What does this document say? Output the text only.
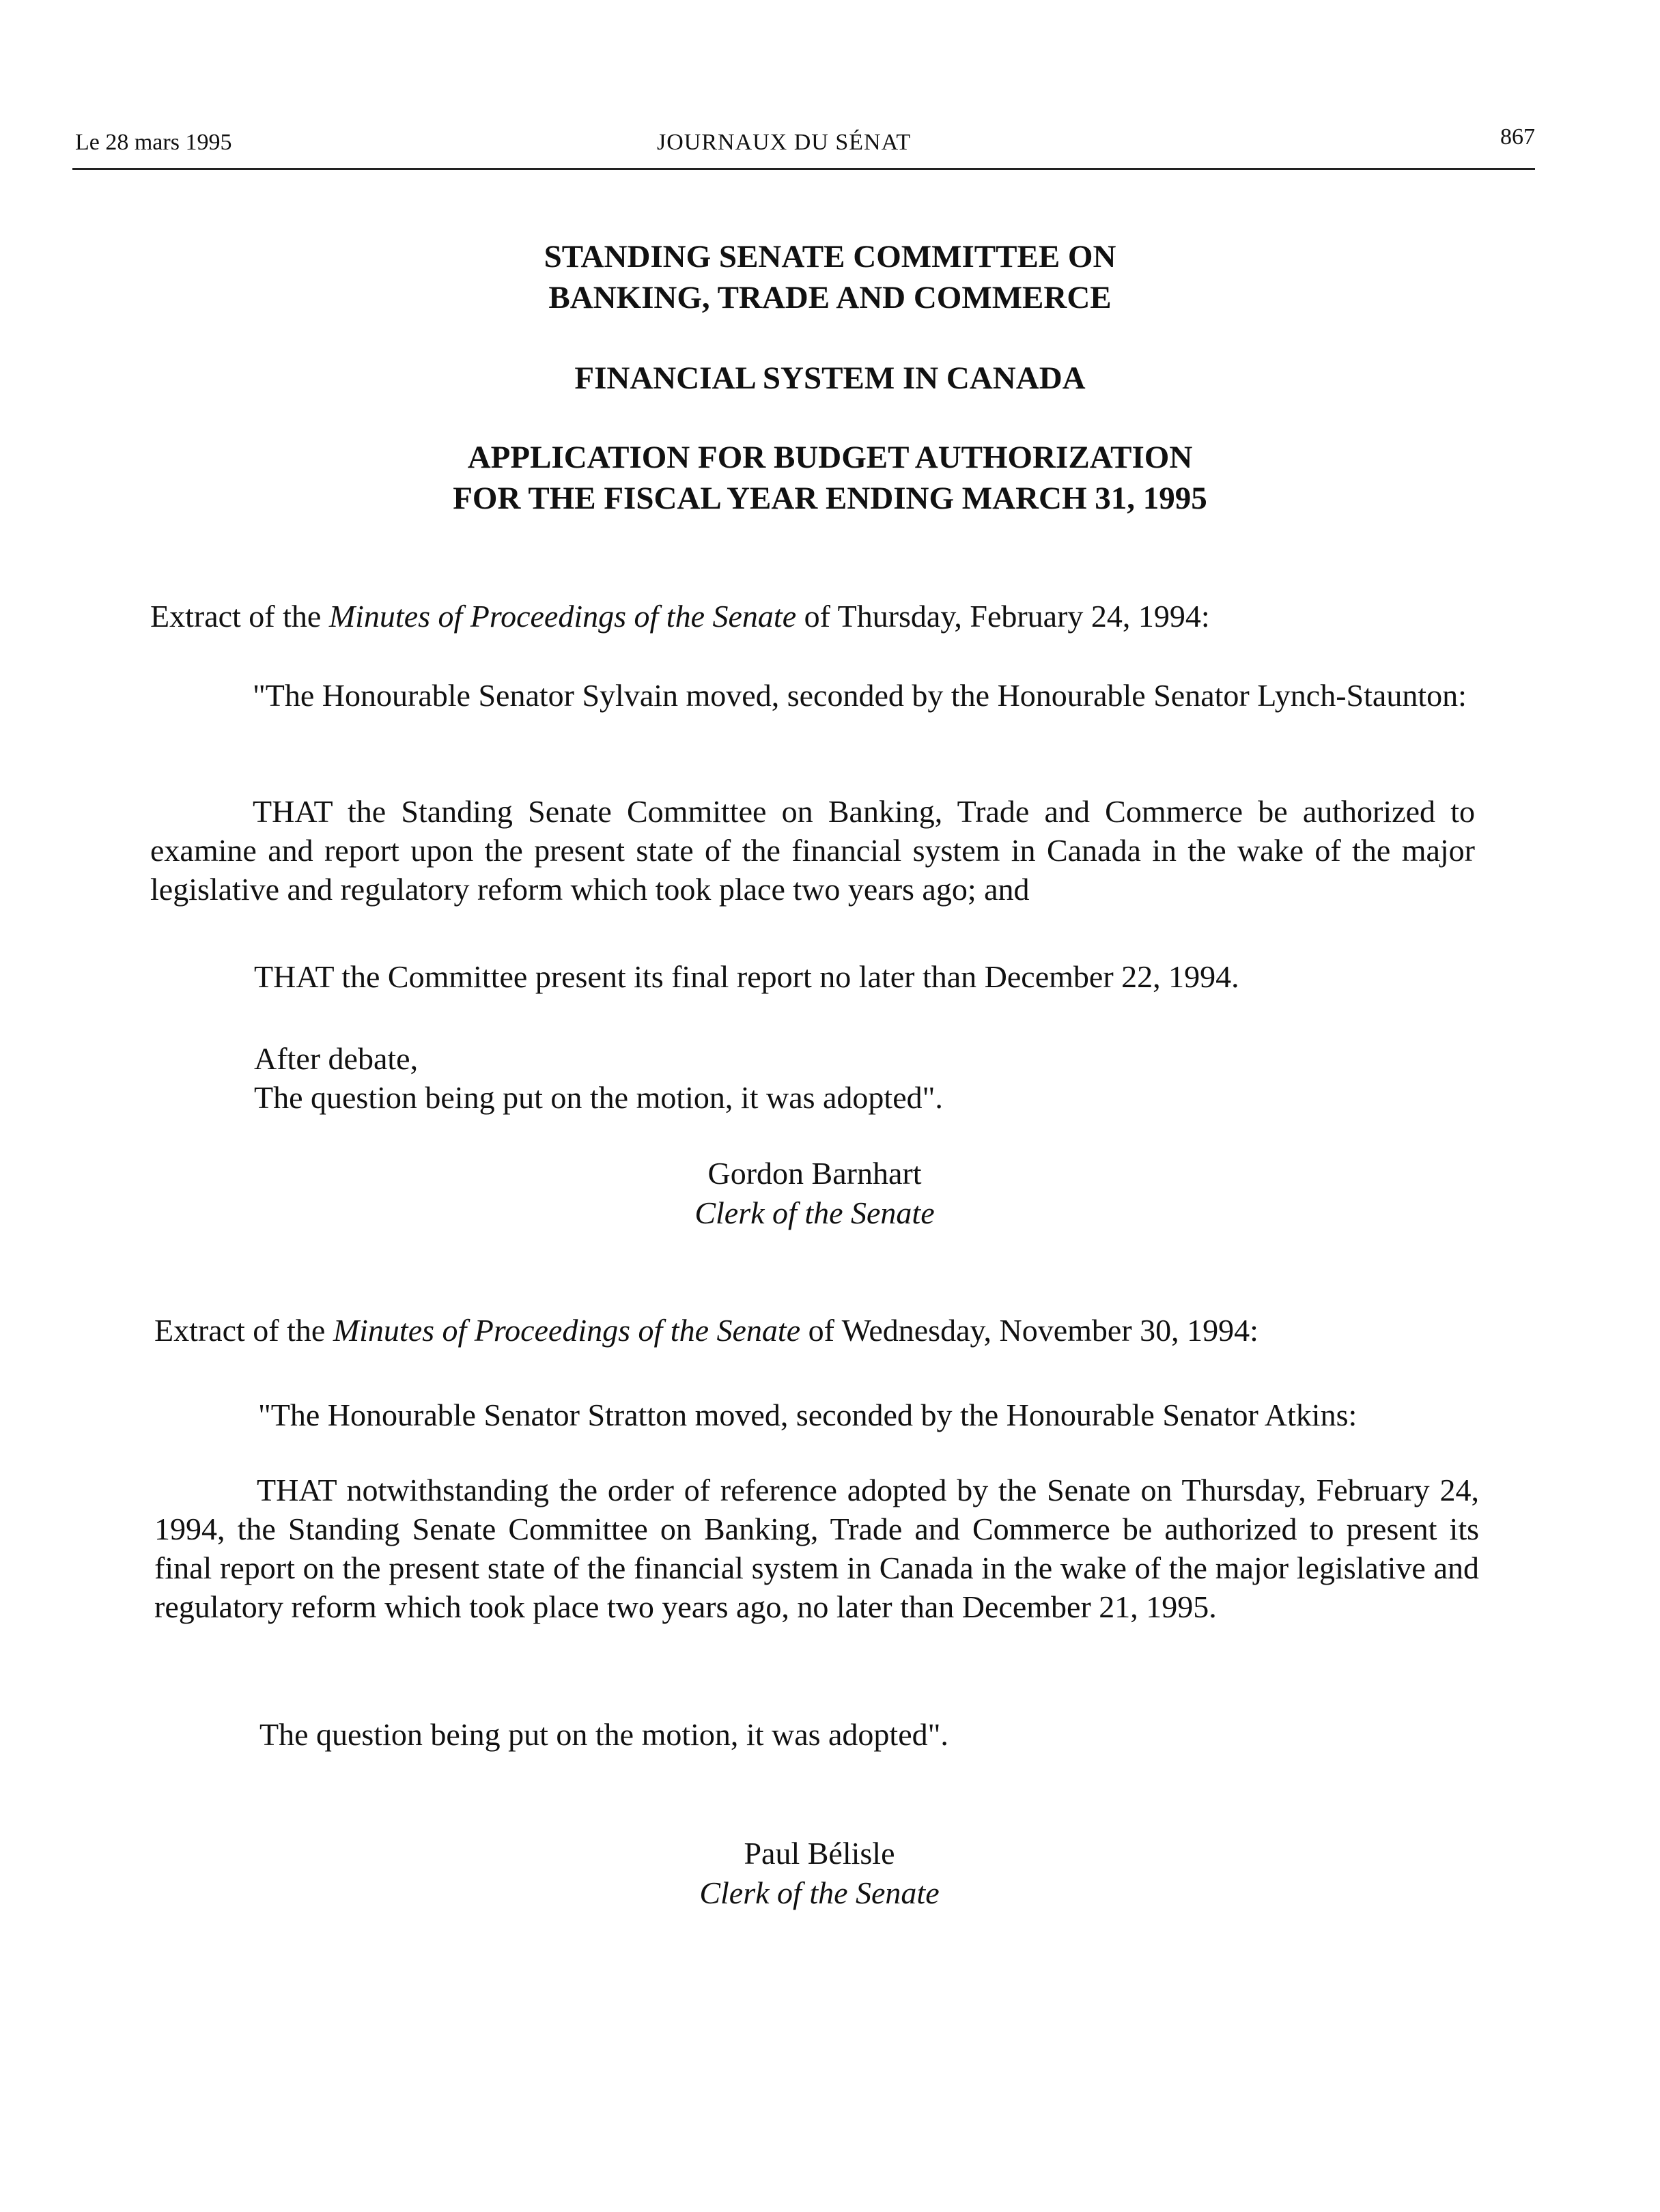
Le 28 mars 1995	JOURNAUX DU SÉNAT	867
STANDING SENATE COMMITTEE ON
BANKING, TRADE AND COMMERCE
FINANCIAL SYSTEM IN CANADA
APPLICATION FOR BUDGET AUTHORIZATION
FOR THE FISCAL YEAR ENDING MARCH 31, 1995
Extract of the Minutes of Proceedings of the Senate of Thursday, February 24, 1994:
"The Honourable Senator Sylvain moved, seconded by the Honourable Senator Lynch-Staunton:
THAT the Standing Senate Committee on Banking, Trade and Commerce be authorized to examine and report upon the present state of the financial system in Canada in the wake of the major legislative and regulatory reform which took place two years ago; and
THAT the Committee present its final report no later than December 22, 1994.
After debate,
The question being put on the motion, it was adopted".
Gordon Barnhart
Clerk of the Senate
Extract of the Minutes of Proceedings of the Senate of Wednesday, November 30, 1994:
"The Honourable Senator Stratton moved, seconded by the Honourable Senator Atkins:
THAT notwithstanding the order of reference adopted by the Senate on Thursday, February 24, 1994, the Standing Senate Committee on Banking, Trade and Commerce be authorized to present its final report on the present state of the financial system in Canada in the wake of the major legislative and regulatory reform which took place two years ago, no later than December 21, 1995.
The question being put on the motion, it was adopted".
Paul Bélisle
Clerk of the Senate
